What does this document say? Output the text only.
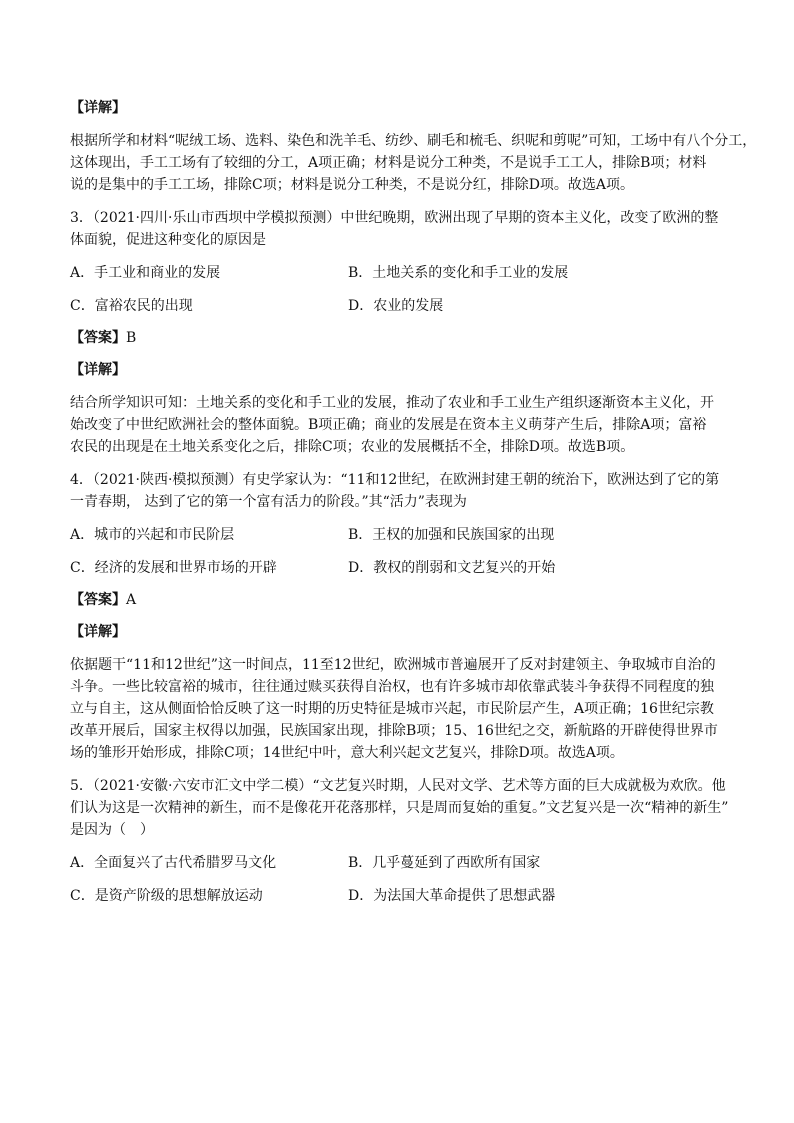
【详解】

根据所学和材料“呢绒工场、选料、染色和洗羊毛、纺纱、刷毛和梳毛、织呢和剪呢”可知，工场中有八个分工，

这体现出，手工工场有了较细的分工，A项正确；材料是说分工种类，不是说手工工人，排除B项；材料

说的是集中的手工工场，排除C项；材料是说分工种类，不是说分红，排除D项。故选A项。

3．（2021·四川·乐山市西坝中学模拟预测）中世纪晚期，欧洲出现了早期的资本主义化，改变了欧洲的整

体面貌，促进这种变化的原因是

A．手工业和商业的发展	B．土地关系的变化和手工业的发展
C．富裕农民的出现	D．农业的发展
【答案】B
【详解】

结合所学知识可知：土地关系的变化和手工业的发展，推动了农业和手工业生产组织逐渐资本主义化，开

始改变了中世纪欧洲社会的整体面貌。B项正确；商业的发展是在资本主义萌芽产生后，排除A项；富裕

农民的出现是在土地关系变化之后，排除C项；农业的发展概括不全，排除D项。故选B项。

4．（2021·陕西·模拟预测）有史学家认为：“11和12世纪，在欧洲封建王朝的统治下，欧洲达到了它的第

一青春期， 达到了它的第一个富有活力的阶段。”其“活力”表现为

A．城市的兴起和市民阶层	B．王权的加强和民族国家的出现
C．经济的发展和世界市场的开辟	D．教权的削弱和文艺复兴的开始
【答案】A
【详解】

依据题干“11和12世纪”这一时间点，11至12世纪，欧洲城市普遍展开了反对封建领主、争取城市自治的

斗争。一些比较富裕的城市，往往通过赎买获得自治权，也有许多城市却依靠武装斗争获得不同程度的独

立与自主，这从侧面恰恰反映了这一时期的历史特征是城市兴起，市民阶层产生，A项正确；16世纪宗教

改革开展后，国家主权得以加强，民族国家出现，排除B项；15、16世纪之交，新航路的开辟使得世界市

场的雏形开始形成，排除C项；14世纪中叶，意大利兴起文艺复兴，排除D项。故选A项。

5．（2021·安徽·六安市汇文中学二模）“文艺复兴时期，人民对文学、艺术等方面的巨大成就极为欢欣。他

们认为这是一次精神的新生，而不是像花开花落那样，只是周而复始的重复。”文艺复兴是一次“精神的新生”

是因为（　）

A．全面复兴了古代希腊罗马文化	B．几乎蔓延到了西欧所有国家
C．是资产阶级的思想解放运动	D．为法国大革命提供了思想武器
